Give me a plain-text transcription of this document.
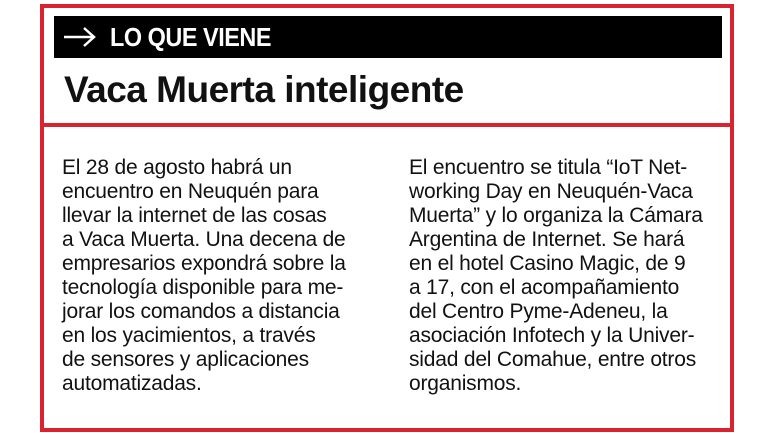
LO QUE VIENE
Vaca Muerta inteligente

El 28 de agosto habrá un
encuentro en Neuquén para
llevar la internet de las cosas
a Vaca Muerta. Una decena de
empresarios expondrá sobre la
tecnología disponible para me-
jorar los comandos a distancia
en los yacimientos, a través
de sensores y aplicaciones
automatizadas.

El encuentro se titula “IoT Net-
working Day en Neuquén-Vaca
Muerta” y lo organiza la Cámara
Argentina de Internet. Se hará
en el hotel Casino Magic, de 9
a 17, con el acompañamiento
del Centro Pyme-Adeneu, la
asociación Infotech y la Univer-
sidad del Comahue, entre otros
organismos.
